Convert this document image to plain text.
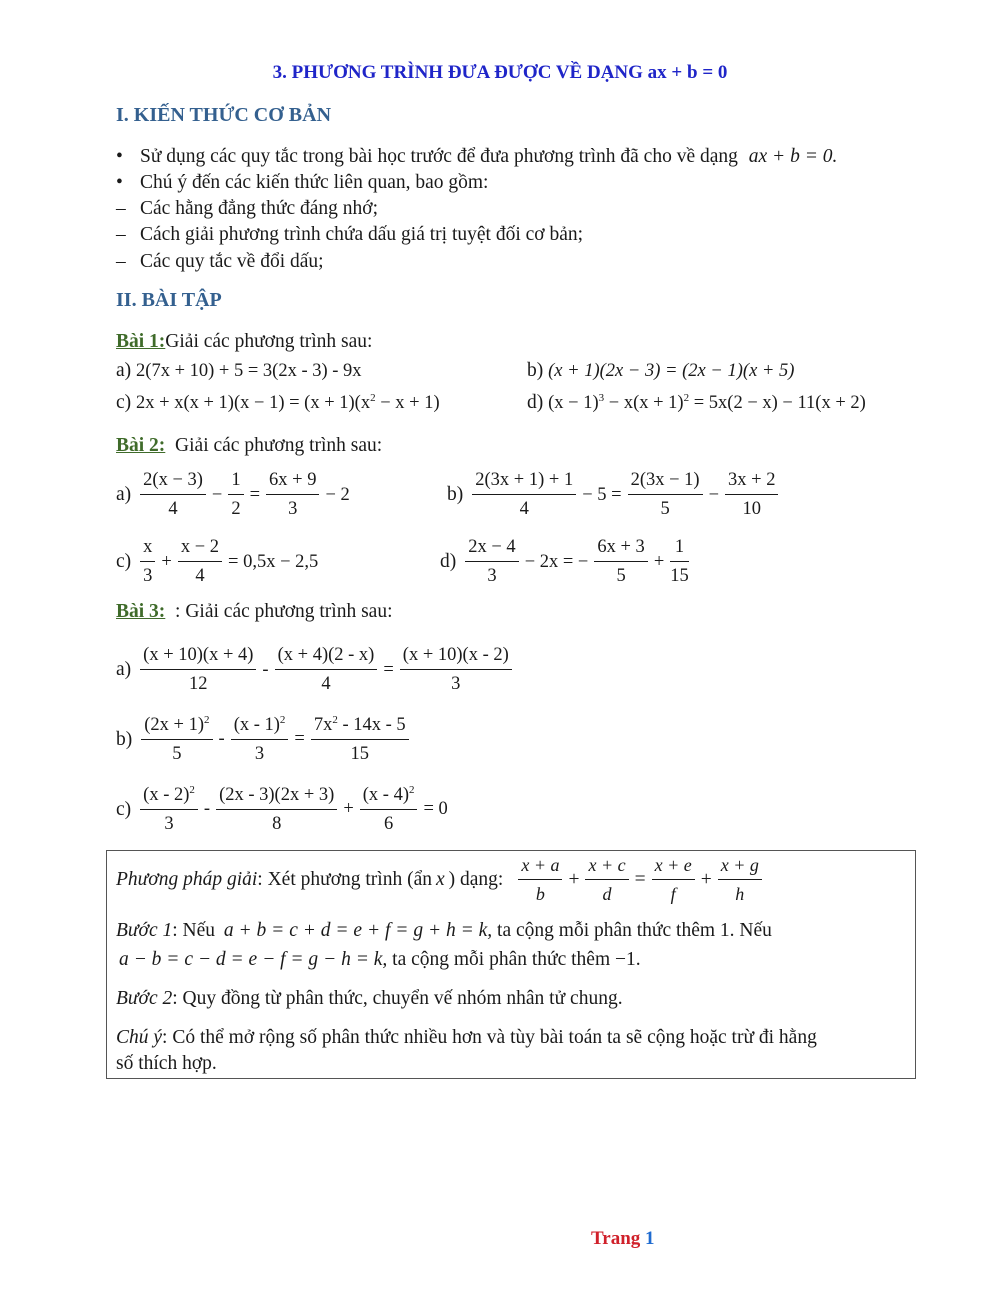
3. PHƯƠNG TRÌNH ĐƯA ĐƯỢC VỀ DẠNG ax + b = 0
I. KIẾN THỨC CƠ BẢN
• Sử dụng các quy tắc trong bài học trước để đưa phương trình đã cho về dạng ax + b = 0.
• Chú ý đến các kiến thức liên quan, bao gồm:
– Các hằng đẳng thức đáng nhớ;
– Cách giải phương trình chứa dấu giá trị tuyệt đối cơ bản;
– Các quy tắc về đổi dấu;
II. BÀI TẬP
Bài 1:Giải các phương trình sau:
a) 2(7x + 10) + 5 = 3(2x - 3) - 9x	b) (x + 1)(2x − 3) = (2x − 1)(x + 5)
c) $2x + x(x + 1)(x - 1) = (x + 1)(x^2 - x + 1)$	d) $(x - 1)^3 - x(x + 1)^2 = 5x(2 - x) - 11(x + 2)$
Bài 2: Giải các phương trình sau:
$a) \frac{2(x - 3)}{4} - \frac{1}{2} = \frac{6x + 9}{3} - 2$	$b) \frac{2(3x + 1) + 1}{4} - 5 = \frac{2(3x - 1)}{5} - \frac{3x + 2}{10}$
$c) \frac{x}{3} + \frac{x - 2}{4} = 0,5x - 2,5$	$d) \frac{2x - 4}{3} - 2x$ = − $\frac{6x + 3}{5} + \frac{1}{15}$
Bài 3: : Giải các phương trình sau:
$a) \frac{(x + 10)(x + 4)}{12} - \frac{(x + 4)(2 - x)}{4} = \frac{(x + 10)(x - 2)}{3}$
$b) \frac{(2x + 1)^2}{5} - \frac{(x - 1)^2}{3} = \frac{7x^2 - 14x - 5}{15}$
$c) \frac{(x - 2)^2}{3} - \frac{(2x - 3)(2x + 3)}{8} + \frac{(x - 4)^2}{6} = 0$
Phương pháp giải : Xét phương trình (ẩn x ) dạng: $\frac{x + a}{b} + \frac{x + c}{d} = \frac{x + e}{f} + \frac{x + g}{h}$
Bước 1: Nếu a + b = c + d = e + f = g + h = k, ta cộng mỗi phân thức thêm 1. Nếu
a − b = c − d = e − f = g − h = k, ta cộng mỗi phân thức thêm −1.
Bước 2: Quy đồng từ phân thức, chuyển vế nhóm nhân tử chung.
Chú ý: Có thể mở rộng số phân thức nhiều hơn và tùy bài toán ta sẽ cộng hoặc trừ đi hằng
số thích hợp.
Trang 1
